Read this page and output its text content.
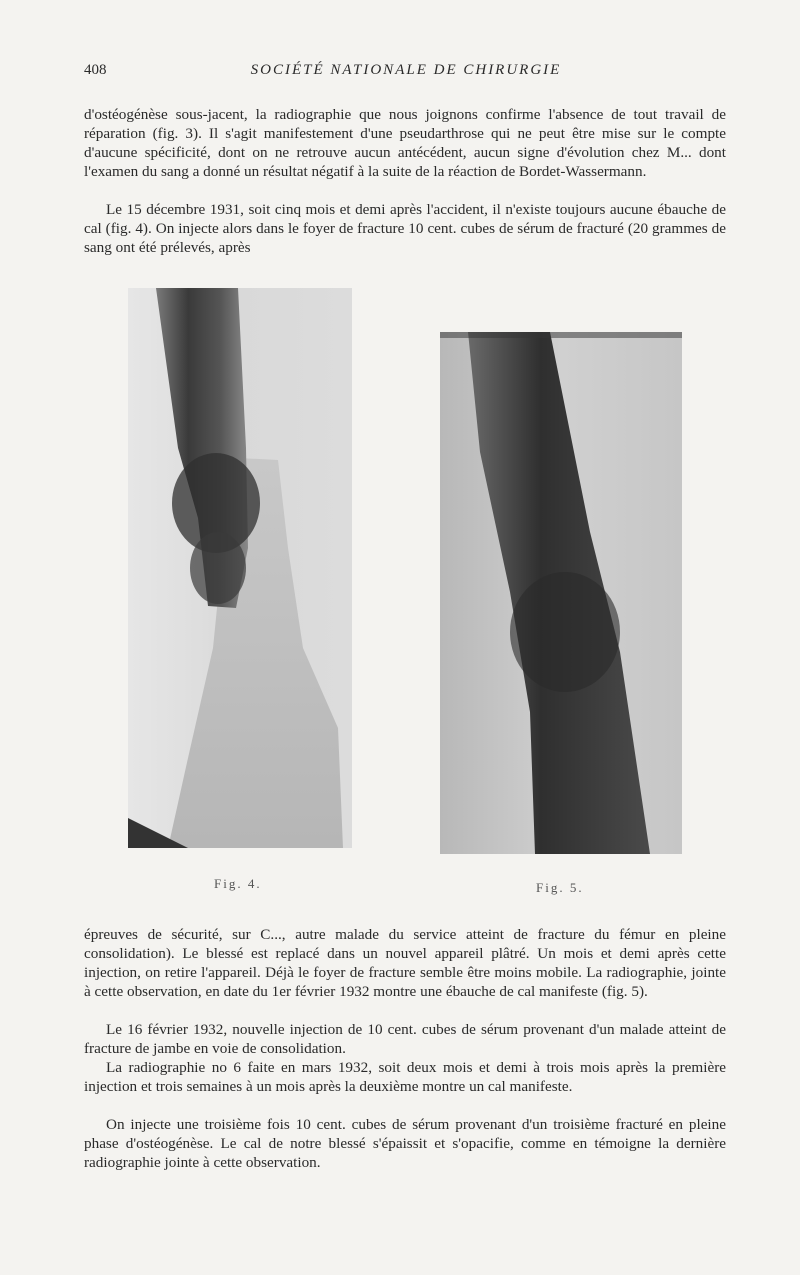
408	SOCIÉTÉ NATIONALE DE CHIRURGIE

d'ostéogénèse sous-jacent, la radiographie que nous joignons confirme l'absence de tout travail de réparation (fig. 3). Il s'agit manifestement d'une pseudarthrose qui ne peut être mise sur le compte d'aucune spécificité, dont on ne retrouve aucun antécédent, aucun signe d'évolution chez M... dont l'examen du sang a donné un résultat négatif à la suite de la réaction de Bordet-Wassermann.

Le 15 décembre 1931, soit cinq mois et demi après l'accident, il n'existe toujours aucune ébauche de cal (fig. 4). On injecte alors dans le foyer de fracture 10 cent. cubes de sérum de fracturé (20 grammes de sang ont été prélevés, après

Fig. 4.	Fig. 5.

épreuves de sécurité, sur C..., autre malade du service atteint de fracture du fémur en pleine consolidation). Le blessé est replacé dans un nouvel appareil plâtré. Un mois et demi après cette injection, on retire l'appareil. Déjà le foyer de fracture semble être moins mobile. La radiographie, jointe à cette observation, en date du 1er février 1932 montre une ébauche de cal manifeste (fig. 5).

Le 16 février 1932, nouvelle injection de 10 cent. cubes de sérum provenant d'un malade atteint de fracture de jambe en voie de consolidation.

La radiographie no 6 faite en mars 1932, soit deux mois et demi à trois mois après la première injection et trois semaines à un mois après la deuxième montre un cal manifeste.

On injecte une troisième fois 10 cent. cubes de sérum provenant d'un troisième fracturé en pleine phase d'ostéogénèse. Le cal de notre blessé s'épaissit et s'opacifie, comme en témoigne la dernière radiographie jointe à cette observation.
